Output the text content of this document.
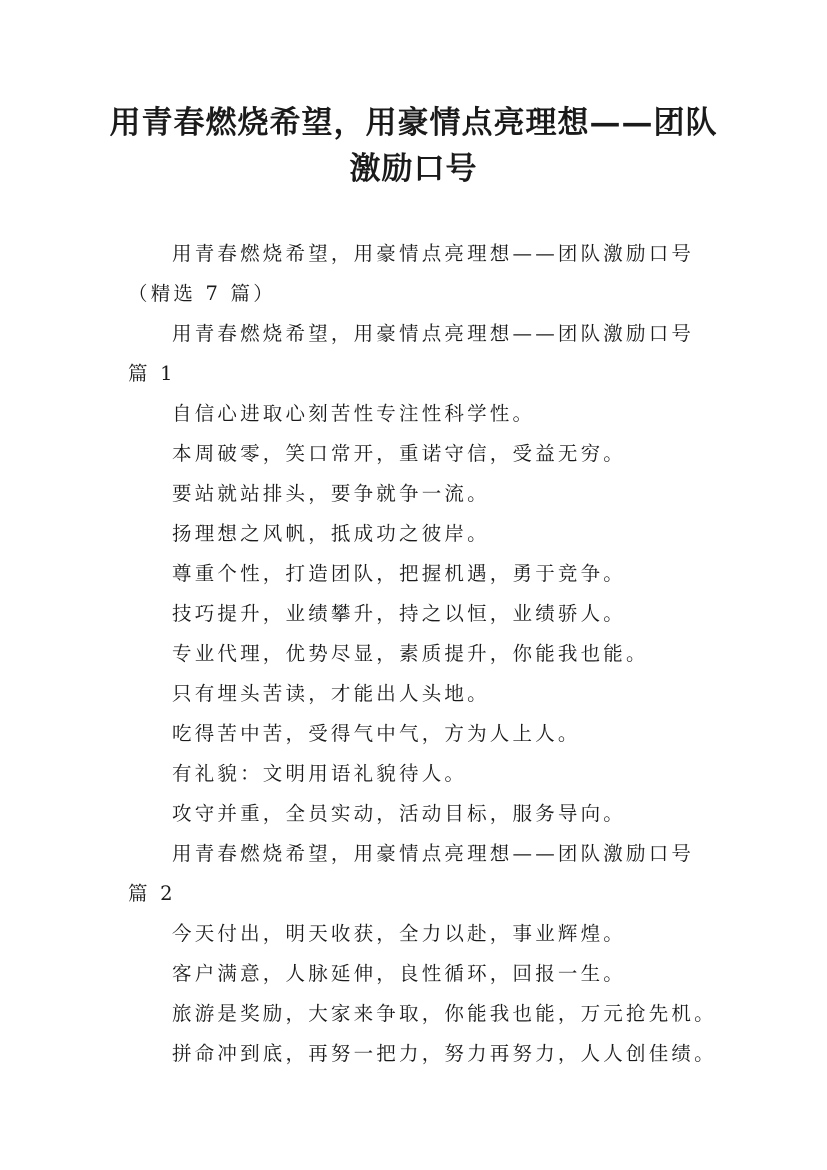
用青春燃烧希望，用豪情点亮理想——团队
激励口号
用青春燃烧希望，用豪情点亮理想——团队激励口号
（精选 7 篇）
用青春燃烧希望，用豪情点亮理想——团队激励口号
篇 1
自信心进取心刻苦性专注性科学性。
本周破零，笑口常开，重诺守信，受益无穷。
要站就站排头，要争就争一流。
扬理想之风帆，抵成功之彼岸。
尊重个性，打造团队，把握机遇，勇于竞争。
技巧提升，业绩攀升，持之以恒，业绩骄人。
专业代理，优势尽显，素质提升，你能我也能。
只有埋头苦读，才能出人头地。
吃得苦中苦，受得气中气，方为人上人。
有礼貌：文明用语礼貌待人。
攻守并重，全员实动，活动目标，服务导向。
用青春燃烧希望，用豪情点亮理想——团队激励口号
篇 2
今天付出，明天收获，全力以赴，事业辉煌。
客户满意，人脉延伸，良性循环，回报一生。
旅游是奖励，大家来争取，你能我也能，万元抢先机。
拼命冲到底，再努一把力，努力再努力，人人创佳绩。
